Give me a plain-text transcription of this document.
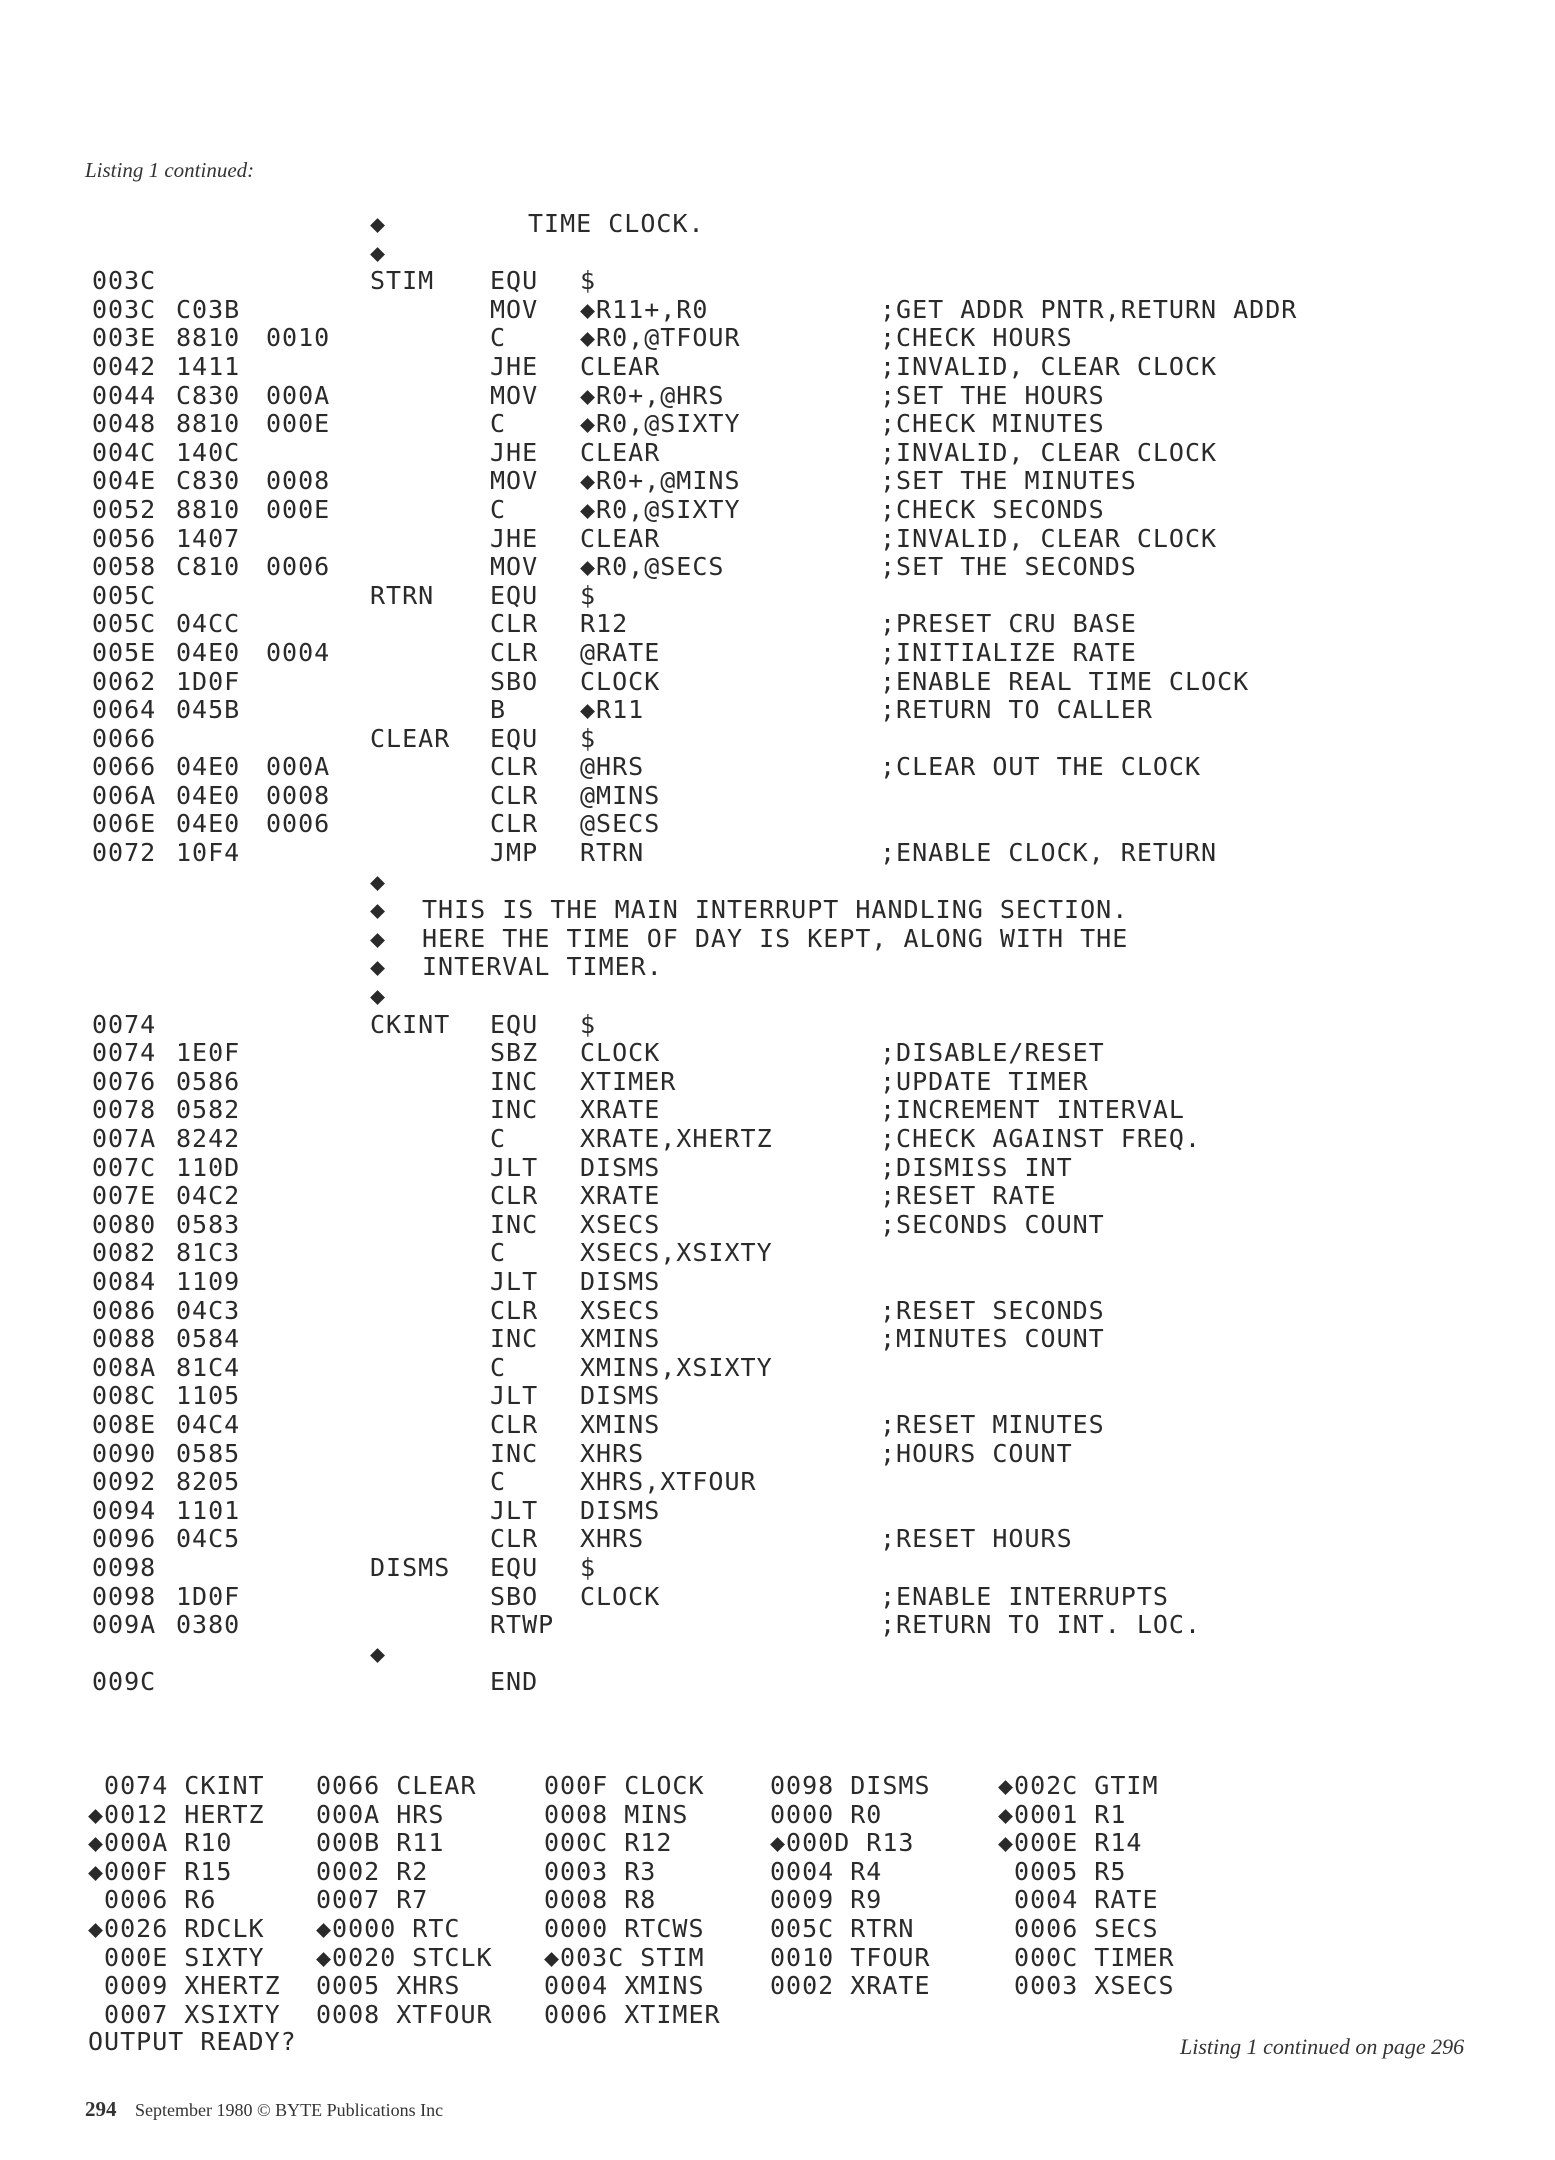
Listing 1 continued:
◆	TIME CLOCK.
◆
003C	STIM EQU $
003C C03B	MOV ◆R11+,R0	;GET ADDR PNTR,RETURN ADDR
003E 8810 0010	C	◆R0,@TFOUR	;CHECK HOURS
0042 1411	JHE CLEAR	;INVALID, CLEAR CLOCK
0044 C830 000A	MOV ◆R0+,@HRS	;SET THE HOURS
0048 8810 000E	C	◆R0,@SIXTY	;CHECK MINUTES
004C 140C	JHE CLEAR	;INVALID, CLEAR CLOCK
004E C830 0008	MOV ◆R0+,@MINS	;SET THE MINUTES
0052 8810 000E	C	◆R0,@SIXTY	;CHECK SECONDS
0056 1407	JHE CLEAR	;INVALID, CLEAR CLOCK
0058 C810 0006	MOV ◆R0,@SECS	;SET THE SECONDS
005C	RTRN EQU $
005C 04CC	CLR R12	;PRESET CRU BASE
005E 04E0 0004	CLR @RATE	;INITIALIZE RATE
0062 1D0F	SBO CLOCK	;ENABLE REAL TIME CLOCK
0064 045B	B	◆R11	;RETURN TO CALLER
0066	CLEAR EQU $
0066 04E0 000A	CLR @HRS	;CLEAR OUT THE CLOCK
006A 04E0 0008	CLR @MINS
006E 04E0 0006	CLR @SECS
0072 10F4	JMP RTRN	;ENABLE CLOCK, RETURN
◆
◆ THIS IS THE MAIN INTERRUPT HANDLING SECTION.
◆ HERE THE TIME OF DAY IS KEPT, ALONG WITH THE
◆ INTERVAL TIMER.
◆
0074	CKINT EQU $
0074 1E0F	SBZ CLOCK	;DISABLE/RESET
0076 0586	INC XTIMER	;UPDATE TIMER
0078 0582	INC XRATE	;INCREMENT INTERVAL
007A 8242	C	XRATE,XHERTZ	;CHECK AGAINST FREQ.
007C 110D	JLT DISMS	;DISMISS INT
007E 04C2	CLR XRATE	;RESET RATE
0080 0583	INC XSECS	;SECONDS COUNT
0082 81C3	C	XSECS,XSIXTY
0084 1109	JLT DISMS
0086 04C3	CLR XSECS	;RESET SECONDS
0088 0584	INC XMINS	;MINUTES COUNT
008A 81C4	C	XMINS,XSIXTY
008C 1105	JLT DISMS
008E 04C4	CLR XMINS	;RESET MINUTES
0090 0585	INC XHRS	;HOURS COUNT
0092 8205	C	XHRS,XTFOUR
0094 1101	JLT DISMS
0096 04C5	CLR XHRS	;RESET HOURS
0098	DISMS EQU $
0098 1D0F	SBO CLOCK	;ENABLE INTERRUPTS
009A 0380	RTWP	;RETURN TO INT. LOC.
◆
009C	END
0074 CKINT 0066 CLEAR	000F CLOCK	0098 DISMS	◆002C GTIM
◆0012 HERTZ 000A HRS	0008 MINS	0000 R0	◆0001 R1
◆000A R10	000B R11	000C R12	◆000D R13	◆000E R14
◆000F R15	0002 R2	0003 R3	0004 R4	0005 R5
0006 R6	0007 R7	0008 R8	0009 R9	0004 RATE
◆0026 RDCLK ◆0000 RTC	0000 RTCWS	005C RTRN	0006 SECS
000E SIXTY ◆0020 STCLK ◆003C STIM	0010 TFOUR	000C TIMER
0009 XHERTZ 0005 XHRS	0004 XMINS	0002 XRATE	0003 XSECS
0007 XSIXTY 0008 XTFOUR 0006 XTIMER
OUTPUT READY?	Listing 1 continued on page 296
294 September 1980 © BYTE Publications Inc
